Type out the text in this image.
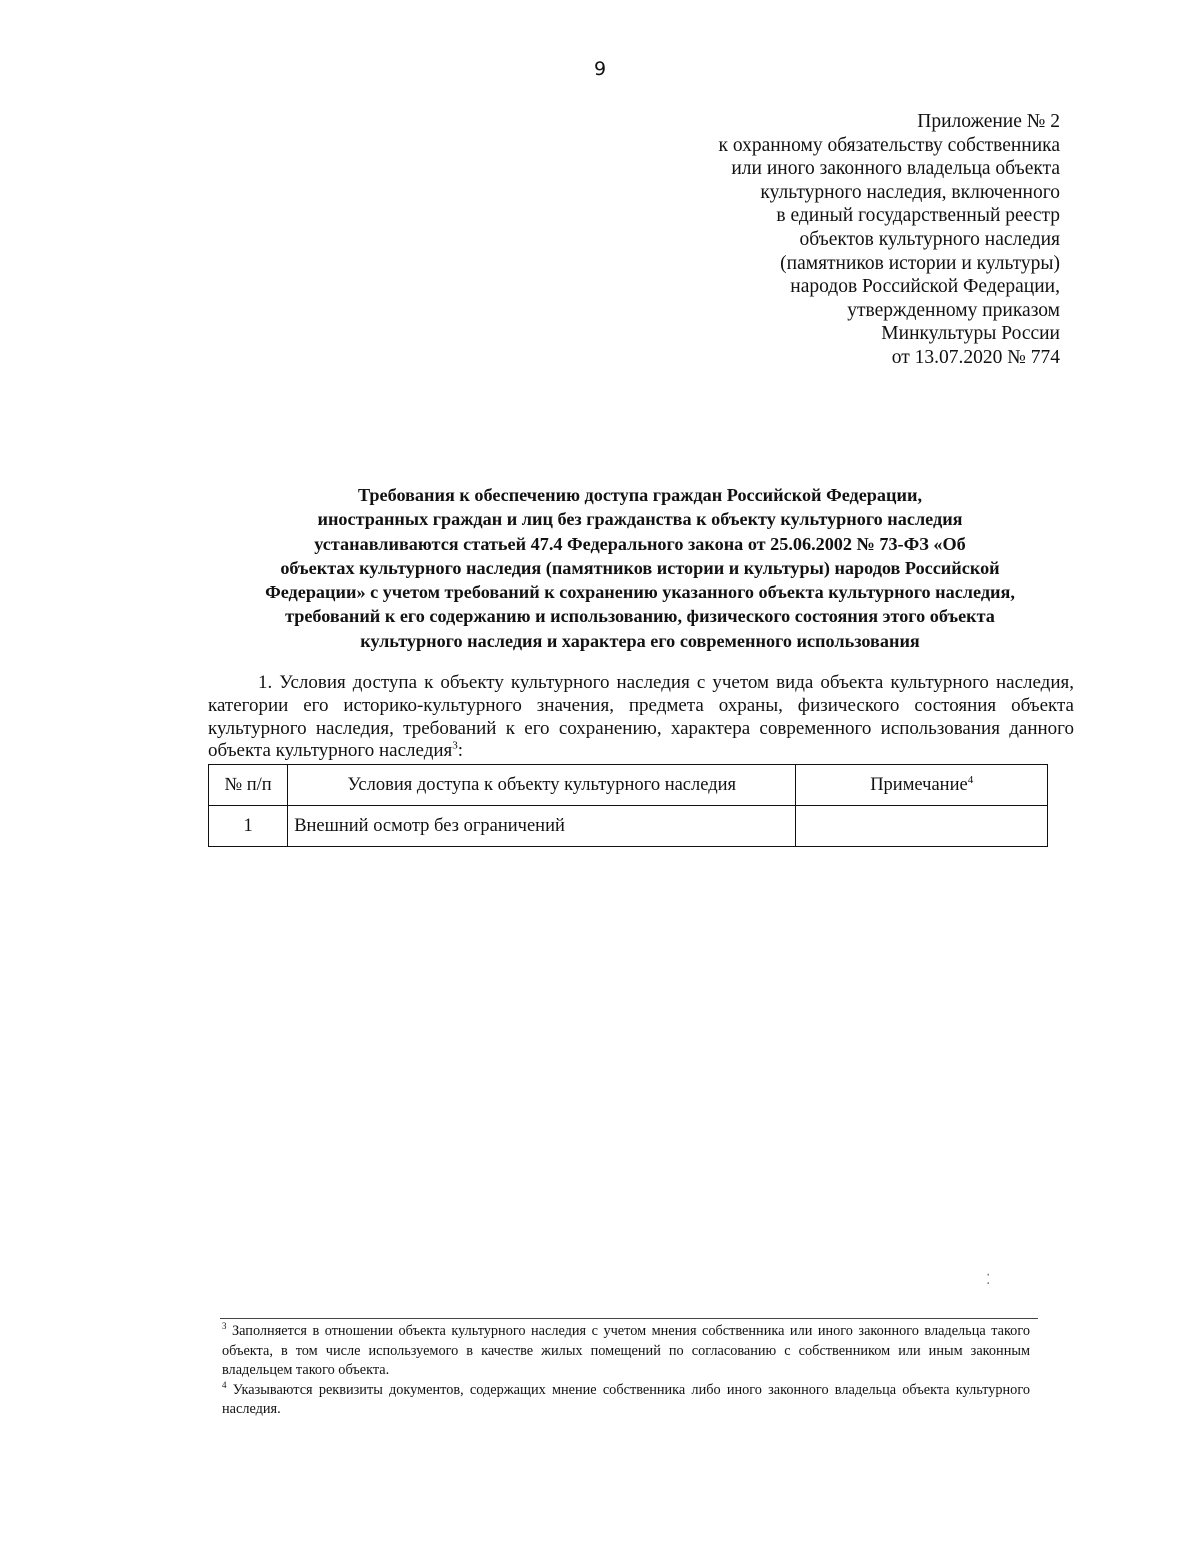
9
Приложение № 2
к охранному обязательству собственника
или иного законного владельца объекта
культурного наследия, включенного
в единый государственный реестр
объектов культурного наследия
(памятников истории и культуры)
народов Российской Федерации,
утвержденному приказом
Минкультуры России
от 13.07.2020 № 774
Требования к обеспечению доступа граждан Российской Федерации,
иностранных граждан и лиц без гражданства к объекту культурного наследия
устанавливаются статьей 47.4 Федерального закона от 25.06.2002 № 73-ФЗ «Об
объектах культурного наследия (памятников истории и культуры) народов Российской
Федерации» с учетом требований к сохранению указанного объекта культурного наследия,
требований к его содержанию и использованию, физического состояния этого объекта
культурного наследия и характера его современного использования
1. Условия доступа к объекту культурного наследия с учетом вида объекта культурного наследия, категории его историко-культурного значения, предмета охраны, физического состояния объекта культурного наследия, требований к его сохранению, характера современного использования данного объекта культурного наследия$^3$:
№ п/п	Условия доступа к объекту культурного наследия	Примечание$^4$
1	Внешний осмотр без ограничений	
⁚

$^3$ Заполняется в отношении объекта культурного наследия с учетом мнения собственника или иного законного владельца такого объекта, в том числе используемого в качестве жилых помещений по согласованию с собственником или иным законным владельцем такого объекта.

$^4$ Указываются реквизиты документов, содержащих мнение собственника либо иного законного владельца объекта культурного наследия.
